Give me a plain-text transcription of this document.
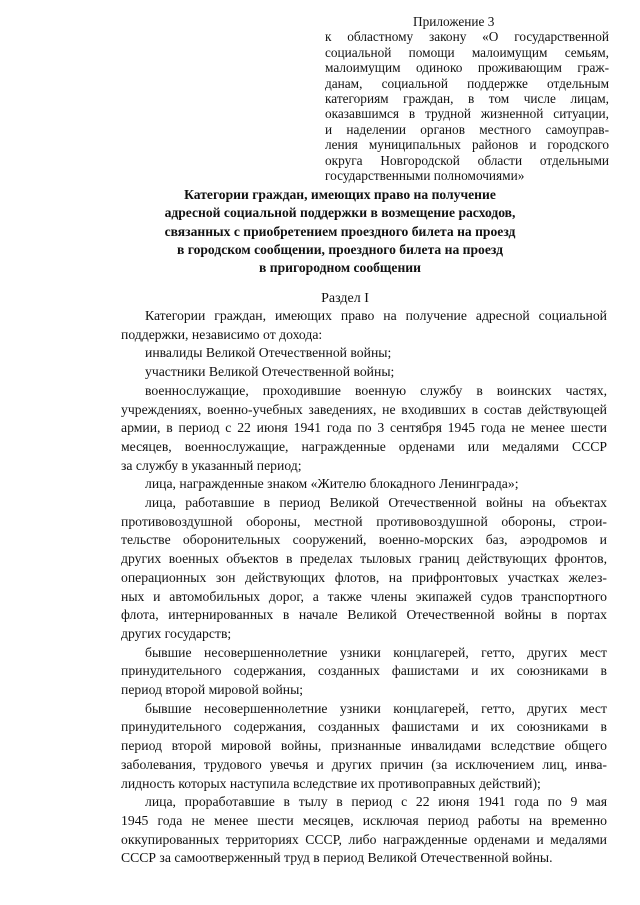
Приложение 3
к областному закону «О государственной
социальной помощи малоимущим семьям,
малоимущим одиноко проживающим граж-
данам, социальной поддержке отдельным
категориям граждан, в том числе лицам,
оказавшимся в трудной жизненной ситуации,
и наделении органов местного самоуправ-
ления муниципальных районов и городского
округа Новгородской области отдельными
государственными полномочиями»
Категории граждан, имеющих право на получение
адресной социальной поддержки в возмещение расходов,
связанных с приобретением проездного билета на проезд
в городском сообщении, проездного билета на проезд
в пригородном сообщении
Раздел I
Категории граждан, имеющих право на получение адресной социальной
поддержки, независимо от дохода:
инвалиды Великой Отечественной войны;
участники Великой Отечественной войны;
военнослужащие, проходившие военную службу в воинских частях,
учреждениях, военно-учебных заведениях, не входивших в состав действующей
армии, в период с 22 июня 1941 года по 3 сентября 1945 года не менее шести
месяцев, военнослужащие, награжденные орденами или медалями СССР
за службу в указанный период;
лица, награжденные знаком «Жителю блокадного Ленинграда»;
лица, работавшие в период Великой Отечественной войны на объектах
противовоздушной обороны, местной противовоздушной обороны, строи-
тельстве оборонительных сооружений, военно-морских баз, аэродромов и
других военных объектов в пределах тыловых границ действующих фронтов,
операционных зон действующих флотов, на прифронтовых участках желез-
ных и автомобильных дорог, а также члены экипажей судов транспортного
флота, интернированных в начале Великой Отечественной войны в портах
других государств;
бывшие несовершеннолетние узники концлагерей, гетто, других мест
принудительного содержания, созданных фашистами и их союзниками в
период второй мировой войны;
бывшие несовершеннолетние узники концлагерей, гетто, других мест
принудительного содержания, созданных фашистами и их союзниками в
период второй мировой войны, признанные инвалидами вследствие общего
заболевания, трудового увечья и других причин (за исключением лиц, инва-
лидность которых наступила вследствие их противоправных действий);
лица, проработавшие в тылу в период с 22 июня 1941 года по 9 мая
1945 года не менее шести месяцев, исключая период работы на временно
оккупированных территориях СССР, либо награжденные орденами и медалями
СССР за самоотверженный труд в период Великой Отечественной войны.
